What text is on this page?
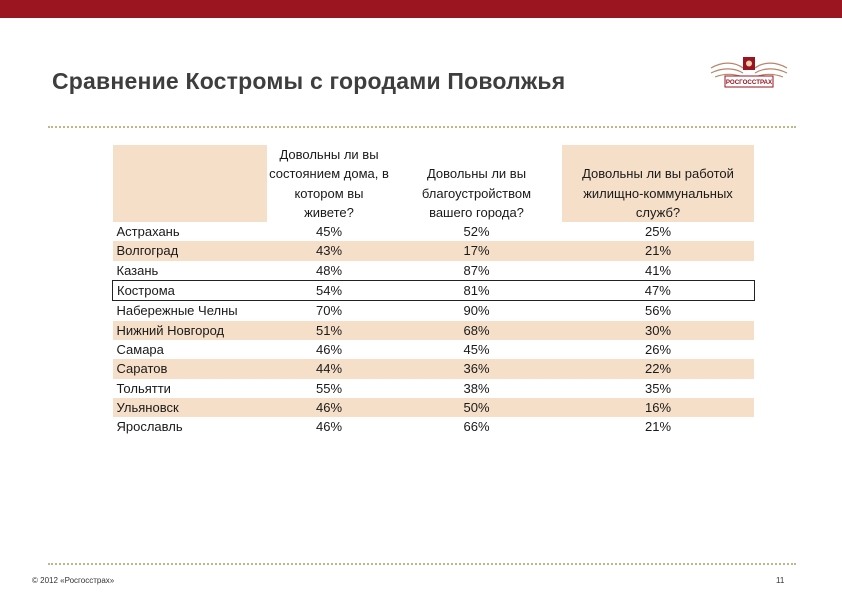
Сравнение Костромы с городами Поволжья	РОСГОССТРАХ
	Довольны ли вы состоянием дома, в котором вы живете?	Довольны ли вы благоустройством вашего города?	Довольны ли вы работой жилищно-коммунальных служб?
Астрахань	45%	52%	25%
Волгоград	43%	17%	21%
Казань	48%	87%	41%
Кострома	54%	81%	47%
Набережные Челны	70%	90%	56%
Нижний Новгород	51%	68%	30%
Самара	46%	45%	26%
Саратов	44%	36%	22%
Тольятти	55%	38%	35%
Ульяновск	46%	50%	16%
Ярославль	46%	66%	21%
© 2012 «Росгосстрах»	11
